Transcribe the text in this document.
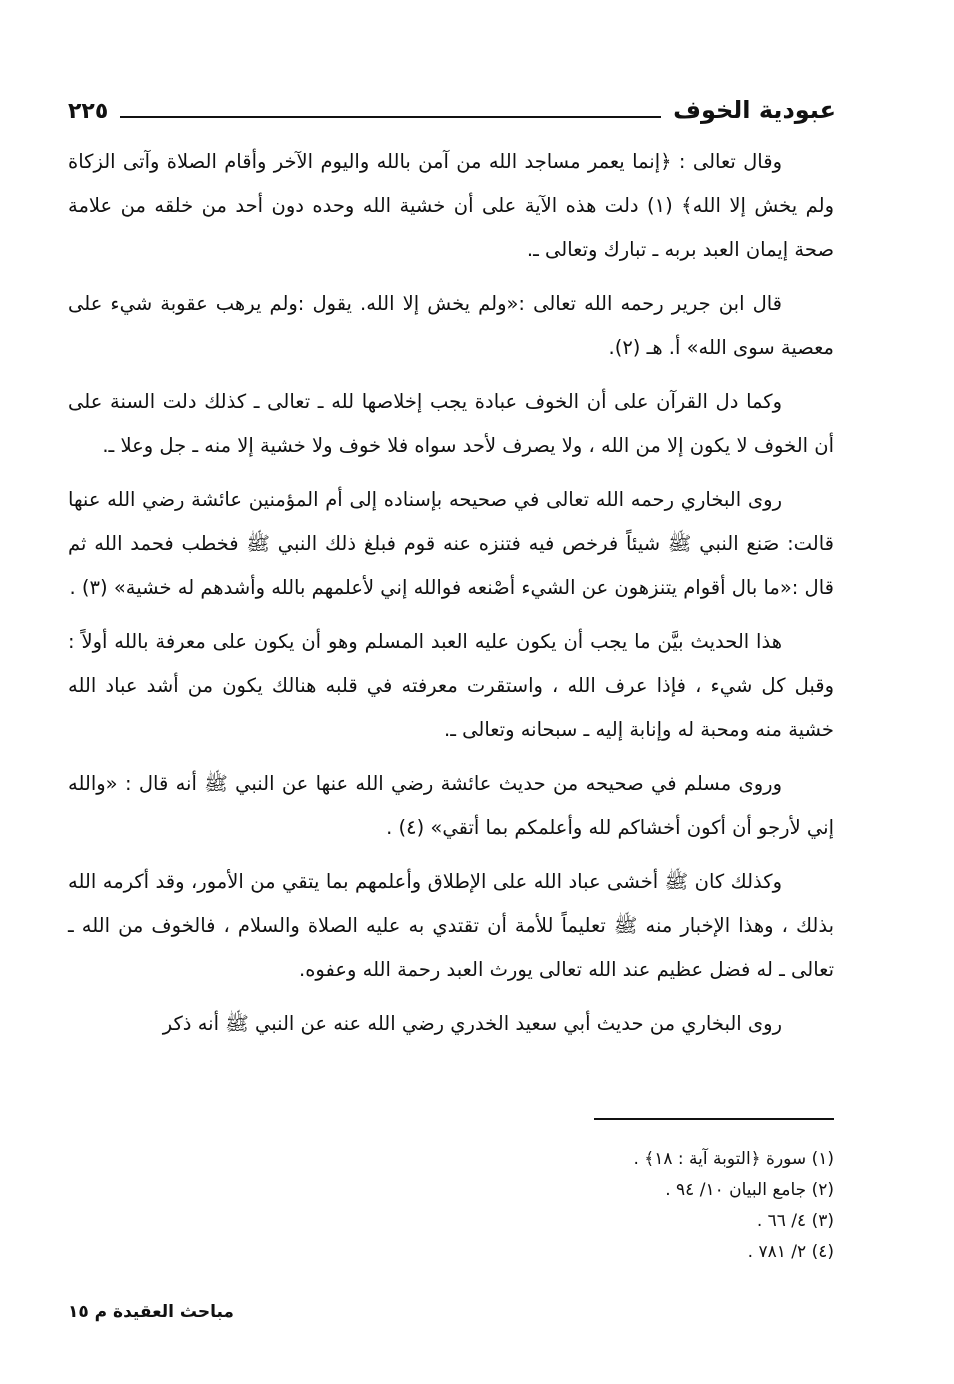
عبودية الخوف
٢٢٥

وقال تعالى : ﴿إنما يعمر مساجد الله من آمن بالله واليوم الآخر وأقام الصلاة وآتى الزكاة ولم يخش إلا الله﴾ (١) دلت هذه الآية على أن خشية الله وحده دون أحد من خلقه من علامة صحة إيمان العبد بربه ـ تبارك وتعالى ـ.

قال ابن جرير رحمه الله تعالى :«ولم يخش إلا الله. يقول :ولم يرهب عقوبة شيء على معصية سوى الله» أ. هـ (٢).

وكما دل القرآن على أن الخوف عبادة يجب إخلاصها لله ـ تعالى ـ كذلك دلت السنة على أن الخوف لا يكون إلا من الله ، ولا يصرف لأحد سواه فلا خوف ولا خشية إلا منه ـ جل وعلا ـ.

روى البخاري رحمه الله تعالى في صحيحه بإسناده إلى أم المؤمنين عائشة رضي الله عنها قالت: صَنع النبي ﷺ شيئاً فرخص فيه فتنزه عنه قوم فبلغ ذلك النبي ﷺ فخطب فحمد الله ثم قال :«ما بال أقوام يتنزهون عن الشيء أصْنعه فوالله إني لأعلمهم بالله وأشدهم له خشية» (٣) .

هذا الحديث بيَّن ما يجب أن يكون عليه العبد المسلم وهو أن يكون على معرفة بالله أولاً : وقبل كل شيء ، فإذا عرف الله ، واستقرت معرفته في قلبه هنالك يكون من أشد عباد الله خشية منه ومحبة له وإنابة إليه ـ سبحانه وتعالى ـ.

وروى مسلم في صحيحه من حديث عائشة رضي الله عنها عن النبي ﷺ أنه قال : «والله إني لأرجو أن أكون أخشاكم لله وأعلمكم بما أتقي» (٤) .

وكذلك كان ﷺ أخشى عباد الله على الإطلاق وأعلمهم بما يتقي من الأمور، وقد أكرمه الله بذلك ، وهذا الإخبار منه ﷺ تعليماً للأمة أن تقتدي به عليه الصلاة والسلام ، فالخوف من الله ـ تعالى ـ له فضل عظيم عند الله تعالى يورث العبد رحمة الله وعفوه.

روى البخاري من حديث أبي سعيد الخدري رضي الله عنه عن النبي ﷺ أنه ذكر

(١) سورة ﴿التوبة آية : ١٨﴾ .

(٢) جامع البيان ١٠/ ٩٤ .

(٣) ٤/ ٦٦ .

(٤) ٢/ ٧٨١ .

مباحث العقيدة م ١٥
